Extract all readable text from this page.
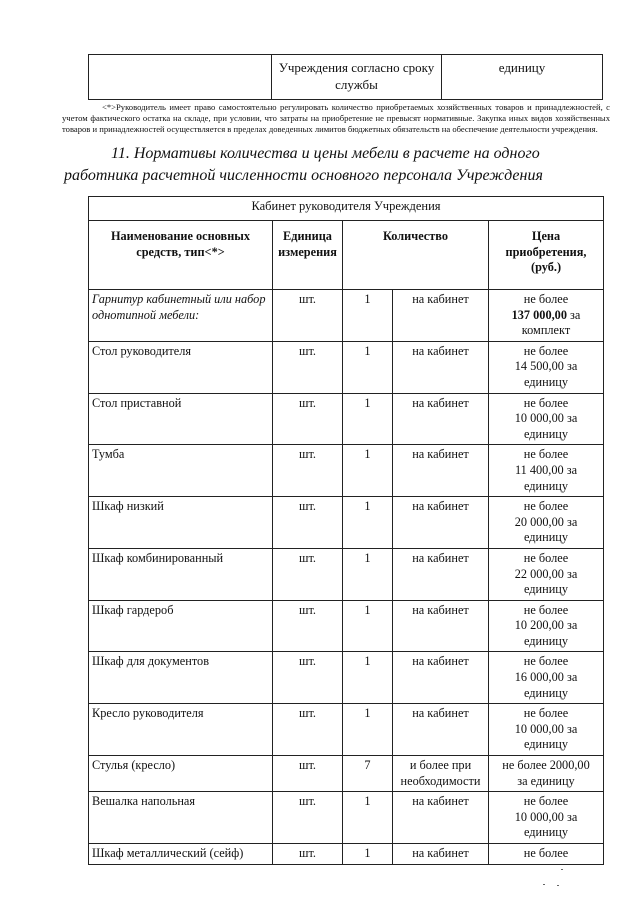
	Учреждения согласно сроку службы	единицу

<*>Руководитель имеет право самостоятельно регулировать количество приобретаемых хозяйственных товаров и принадлежностей, с учетом фактического остатка на складе, при условии, что затраты на приобретение не превысят нормативные. Закупка иных видов хозяйственных товаров и принадлежностей осуществляется в пределах доведенных лимитов бюджетных обязательств на обеспечение деятельности учреждения.

11. Нормативы количества и цены мебели в расчете на одного работника расчетной численности основного персонала Учреждения

Кабинет руководителя Учреждения				
Наименование основных средств, тип<*>	Единица измерения	Количество		Цена приобретения, (руб.)
Гарнитур кабинетный или набор однотипной мебели:	шт.	1	на кабинет	не более
137 000,00 за комплект
Стол руководителя	шт.	1	на кабинет	не более
14 500,00 за единицу
Стол приставной	шт.	1	на кабинет	не более
10 000,00 за единицу
Тумба	шт.	1	на кабинет	не более
11 400,00 за единицу
Шкаф низкий	шт.	1	на кабинет	не более
20 000,00 за единицу
Шкаф комбинированный	шт.	1	на кабинет	не более
22 000,00 за единицу
Шкаф гардероб	шт.	1	на кабинет	не более
10 200,00 за единицу
Шкаф для документов	шт.	1	на кабинет	не более
16 000,00 за единицу
Кресло руководителя	шт.	1	на кабинет	не более
10 000,00 за единицу
Стулья (кресло)	шт.	7	и более при необходимости	не более 2000,00
за единицу
Вешалка напольная	шт.	1	на кабинет	не более
10 000,00 за единицу
Шкаф металлический (сейф)	шт.	1	на кабинет	не более
